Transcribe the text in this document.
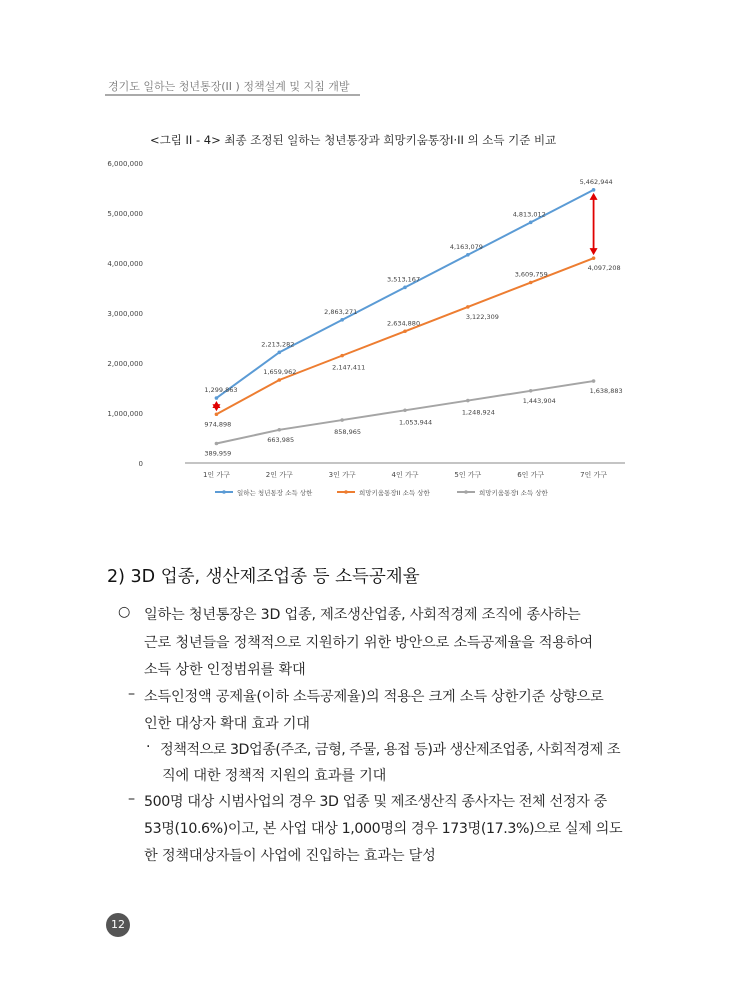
경기도 일하는 청년통장(II ) 정책설계 및 지침 개발
<그림 II - 4> 최종 조정된 일하는 청년통장과 희망키움통장I·II 의 소득 기준 비교
0
1,000,000
2,000,000
3,000,000
4,000,000
5,000,000
6,000,000
1인 가구	2인 가구	3인 가구	4인 가구	5인 가구	6인 가구	7인 가구
1,299,863
2,213,282
2,863,271
3,513,167
4,163,079
4,813,012
5,462,944
974,898
1,659,962
2,147,411
2,634,880
3,122,309
3,609,759
4,097,208
389,959
663,985
858,965
1,053,944
1,248,924
1,443,904
1,638,883
일하는 청년통장 소득 상한	희망키움통장II 소득 상한	희망키움통장I 소득 상한
2) 3D 업종, 생산제조업종 등 소득공제율
○ 일하는 청년통장은 3D 업종, 제조생산업종, 사회적경제 조직에 종사하는
근로 청년들을 정책적으로 지원하기 위한 방안으로 소득공제율을 적용하여
소득 상한 인정범위를 확대
– 소득인정액 공제율(이하 소득공제율)의 적용은 크게 소득 상한기준 상향으로
인한 대상자 확대 효과 기대
· 정책적으로 3D업종(주조, 금형, 주물, 용접 등)과 생산제조업종, 사회적경제 조
직에 대한 정책적 지원의 효과를 기대
– 500명 대상 시범사업의 경우 3D 업종 및 제조생산직 종사자는 전체 선정자 중
53명(10.6%)이고, 본 사업 대상 1,000명의 경우 173명(17.3%)으로 실제 의도
한 정책대상자들이 사업에 진입하는 효과는 달성
12
